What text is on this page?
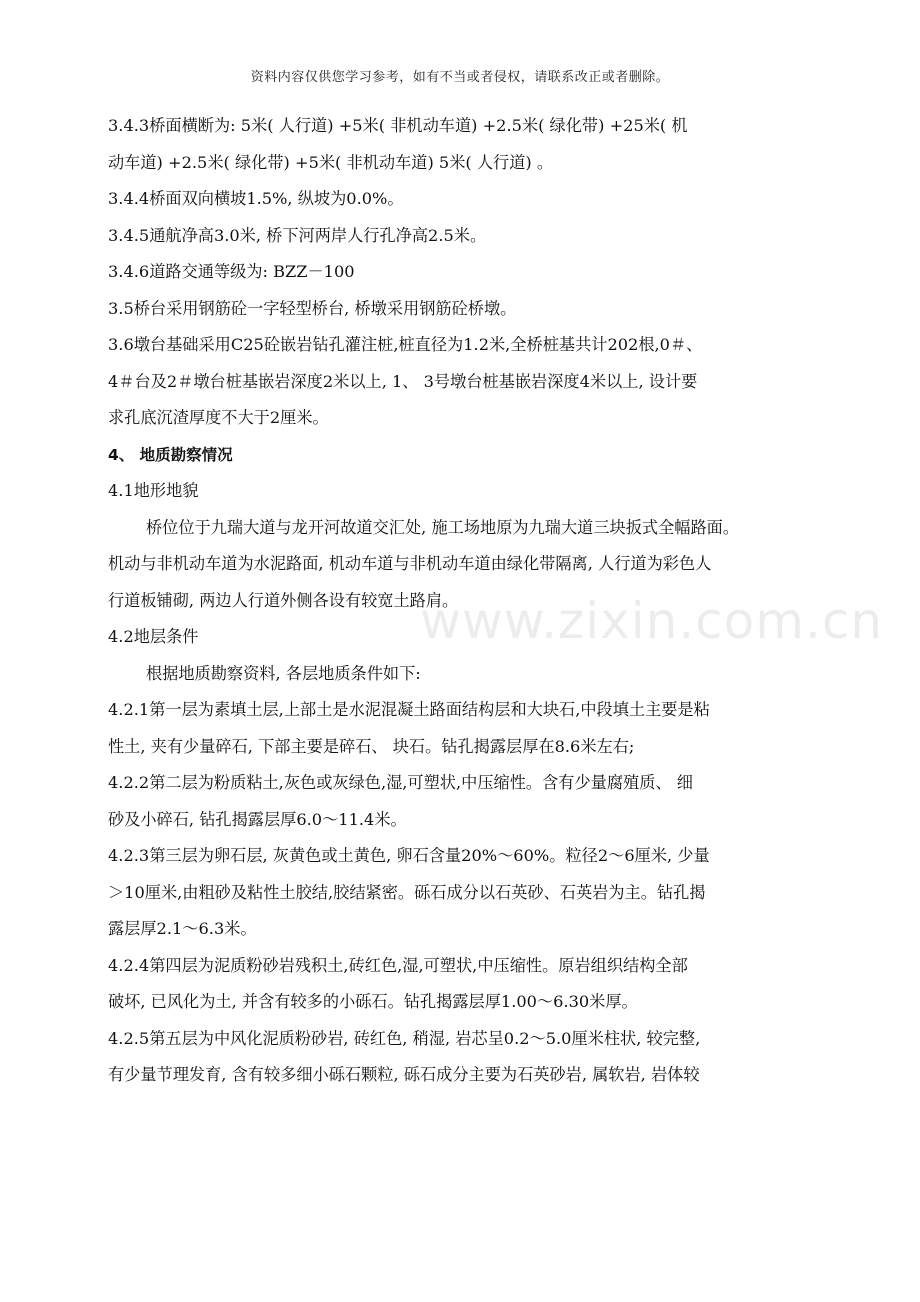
资料内容仅供您学习参考，如有不当或者侵权，请联系改正或者删除。
www.zixin.com.cn
3.4.3桥面横断为: 5米( 人行道) +5米( 非机动车道) +2.5米( 绿化带) +25米( 机
动车道) +2.5米( 绿化带) +5米( 非机动车道) 5米( 人行道) 。
3.4.4桥面双向横坡1.5%, 纵坡为0.0%。
3.4.5通航净高3.0米, 桥下河两岸人行孔净高2.5米。
3.4.6道路交通等级为: BZZ－100
3.5桥台采用钢筋砼一字轻型桥台, 桥墩采用钢筋砼桥墩。
3.6墩台基础采用C25砼嵌岩钻孔灌注桩,桩直径为1.2米,全桥桩基共计202根,0＃、
4＃台及2＃墩台桩基嵌岩深度2米以上, 1、 3号墩台桩基嵌岩深度4米以上, 设计要
求孔底沉渣厚度不大于2厘米。
4、 地质勘察情况
4.1地形地貌
桥位位于九瑞大道与龙开河故道交汇处, 施工场地原为九瑞大道三块扳式全幅路面。
机动与非机动车道为水泥路面, 机动车道与非机动车道由绿化带隔离, 人行道为彩色人
行道板铺砌, 两边人行道外侧各设有较宽土路肩。
4.2地层条件
根据地质勘察资料, 各层地质条件如下:
4.2.1第一层为素填土层,上部土是水泥混凝土路面结构层和大块石,中段填土主要是粘
性土, 夹有少量碎石, 下部主要是碎石、 块石。钻孔揭露层厚在8.6米左右;
4.2.2第二层为粉质粘土,灰色或灰绿色,湿,可塑状,中压缩性。含有少量腐殖质、 细
砂及小碎石, 钻孔揭露层厚6.0～11.4米。
4.2.3第三层为卵石层, 灰黄色或土黄色, 卵石含量20%～60%。粒径2～6厘米, 少量
＞10厘米,由粗砂及粘性土胶结,胶结紧密。砾石成分以石英砂、石英岩为主。钻孔揭
露层厚2.1～6.3米。
4.2.4第四层为泥质粉砂岩残积土,砖红色,湿,可塑状,中压缩性。原岩组织结构全部
破坏, 已风化为土, 并含有较多的小砾石。钻孔揭露层厚1.00～6.30米厚。
4.2.5第五层为中风化泥质粉砂岩, 砖红色, 稍湿, 岩芯呈0.2～5.0厘米柱状, 较完整,
有少量节理发育, 含有较多细小砾石颗粒, 砾石成分主要为石英砂岩, 属软岩, 岩体较
